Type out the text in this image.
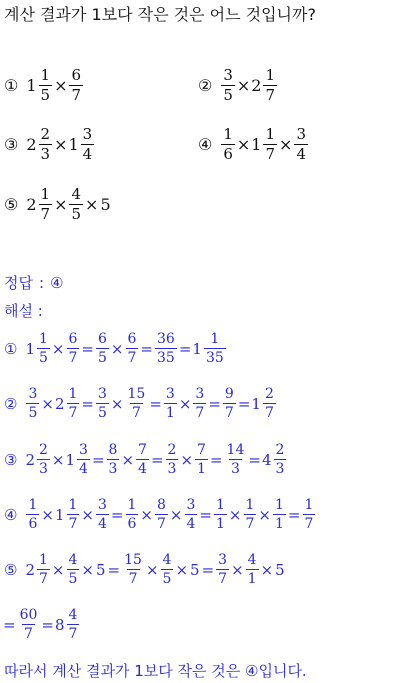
계산 결과가 1보다 작은 것은 어느 것입니까?
① $1 \frac{1}{5} \times \frac{6}{7}$	② $\frac{3}{5} \times 2 \frac{1}{7}$
③ $2 \frac{2}{3} \times 1 \frac{3}{4}$	④ $\frac{1}{6} \times 1 \frac{1}{7} \times \frac{3}{4}$
⑤ $2 \frac{1}{7} \times \frac{4}{5} \times 5$
정답 : ④
해설 :
① $1 \frac{1}{5} \times \frac{6}{7} = \frac{6}{5} \times \frac{6}{7} = \frac{36}{35} = 1 \frac{1}{35}$
② $\frac{3}{5} \times 2 \frac{1}{7} = \frac{3}{5} \times \frac{15}{7} = \frac{3}{1} \times \frac{3}{7} = \frac{9}{7} = 1 \frac{2}{7}$
③ $2 \frac{2}{3} \times 1 \frac{3}{4} = \frac{8}{3} \times \frac{7}{4} = \frac{2}{3} \times \frac{7}{1} = \frac{14}{3} = 4 \frac{2}{3}$
④ $\frac{1}{6} \times 1 \frac{1}{7} \times \frac{3}{4} = \frac{1}{6} \times \frac{8}{7} \times \frac{3}{4} = \frac{1}{1} \times \frac{1}{7} \times \frac{1}{1} = \frac{1}{7}$
⑤ $2 \frac{1}{7} \times \frac{4}{5} \times 5 = \frac{15}{7} \times \frac{4}{5} \times 5 = \frac{3}{7} \times \frac{4}{1} \times 5$
= $\frac{60}{7} = 8 \frac{4}{7}$
따라서 계산 결과가 1보다 작은 것은 ④입니다.
